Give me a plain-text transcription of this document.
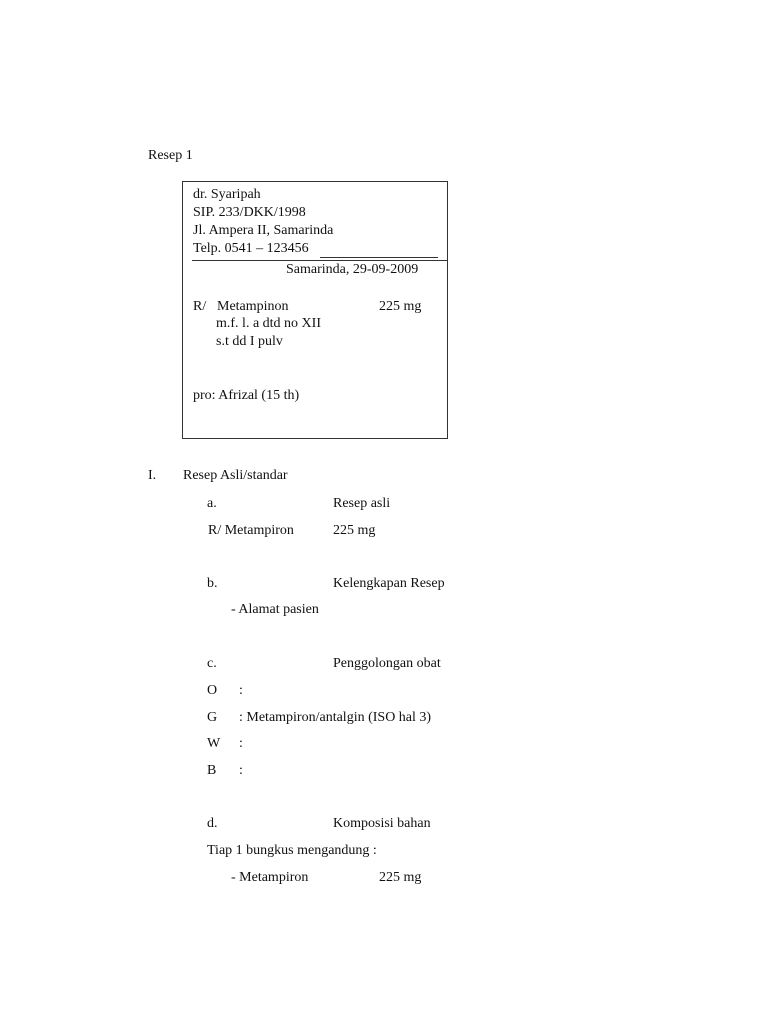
Resep 1
dr. Syaripah
SIP. 233/DKK/1998
Jl. Ampera II, Samarinda
Telp. 0541 – 123456
Samarinda, 29-09-2009
R/ Metampinon	225 mg
m.f. l. a dtd no XII
s.t dd I pulv
pro: Afrizal (15 th)
I. Resep Asli/standar
a.	Resep asli
R/ Metampiron	225 mg
b.	Kelengkapan Resep
- Alamat pasien
c.	Penggolongan obat
O :
G : Metampiron/antalgin (ISO hal 3)
W :
B :
d.	Komposisi bahan
Tiap 1 bungkus mengandung :
- Metampiron	225 mg
